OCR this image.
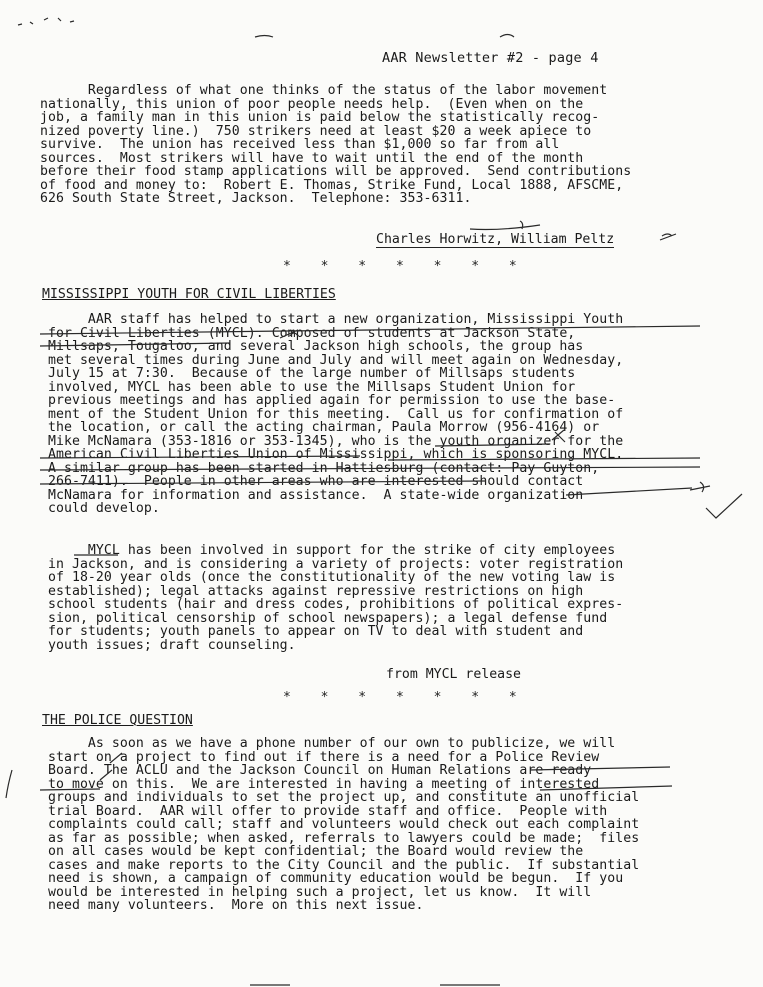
AAR Newsletter #2 - page 4
Regardless of what one thinks of the status of the labor movement
nationally, this union of poor people needs help.  (Even when on the
job, a family man in this union is paid below the statistically recog-
nized poverty line.)  750 strikers need at least $20 a week apiece to
survive.  The union has received less than $1,000 so far from all
sources.  Most strikers will have to wait until the end of the month
before their food stamp applications will be approved.  Send contributions
of food and money to:  Robert E. Thomas, Strike Fund, Local 1888, AFSCME,
626 South State Street, Jackson.  Telephone: 353-6311.
Charles Horwitz, William Peltz
* * * * * * *
MISSISSIPPI YOUTH FOR CIVIL LIBERTIES
AAR staff has helped to start a new organization, Mississippi Youth
for Civil Liberties (MYCL). Composed of students at Jackson State,
Millsaps, Tougaloo, and several Jackson high schools, the group has
met several times during June and July and will meet again on Wednesday,
July 15 at 7:30.  Because of the large number of Millsaps students
involved, MYCL has been able to use the Millsaps Student Union for
previous meetings and has applied again for permission to use the base-
ment of the Student Union for this meeting.  Call us for confirmation of
the location, or call the acting chairman, Paula Morrow (956-4164) or
Mike McNamara (353-1816 or 353-1345), who is the youth organizer for the
American Civil Liberties Union of Mississippi, which is sponsoring MYCL.
A similar group has been started in Hattiesburg (contact: Pay Guyton,
266-7411).  People in other areas who are interested should contact
McNamara for information and assistance.  A state-wide organization
could develop.
MYCL has been involved in support for the strike of city employees
in Jackson, and is considering a variety of projects: voter registration
of 18-20 year olds (once the constitutionality of the new voting law is
established); legal attacks against repressive restrictions on high
school students (hair and dress codes, prohibitions of political expres-
sion, political censorship of school newspapers); a legal defense fund
for students; youth panels to appear on TV to deal with student and
youth issues; draft counseling.
from MYCL release
* * * * * * *
THE POLICE QUESTION
As soon as we have a phone number of our own to publicize, we will
start on a project to find out if there is a need for a Police Review
Board. The ACLU and the Jackson Council on Human Relations are ready
to move on this.  We are interested in having a meeting of interested
groups and individuals to set the project up, and constitute an unofficial
trial Board.  AAR will offer to provide staff and office.  People with
complaints could call; staff and volunteers would check out each complaint
as far as possible; when asked, referrals to lawyers could be made;  files
on all cases would be kept confidential; the Board would review the
cases and make reports to the City Council and the public.  If substantial
need is shown, a campaign of community education would be begun.  If you
would be interested in helping such a project, let us know.  It will
need many volunteers.  More on this next issue.
